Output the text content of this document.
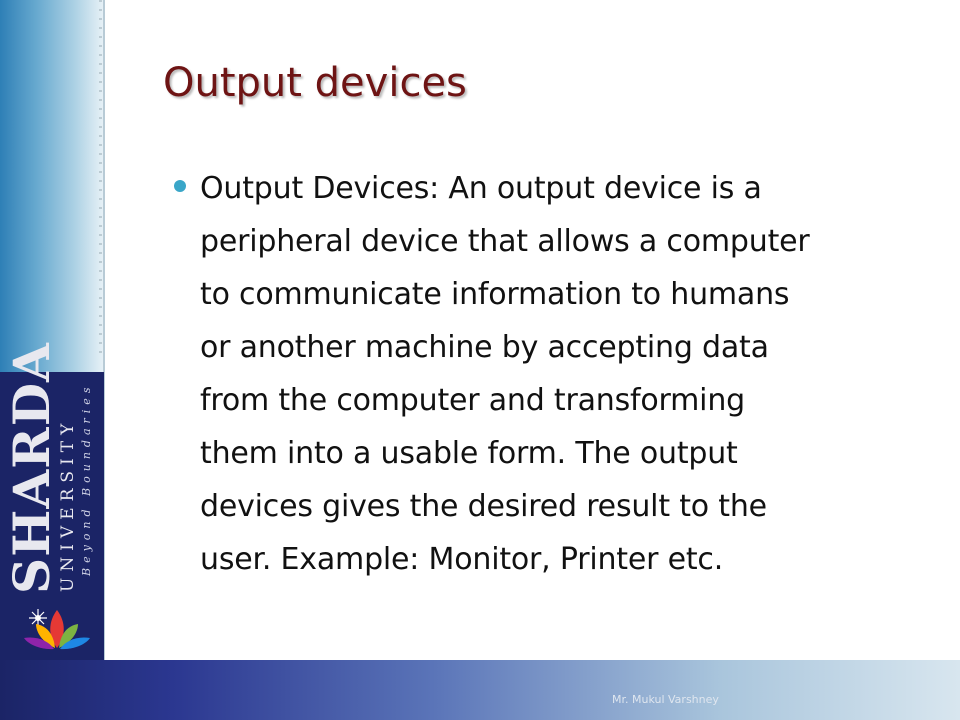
SHARDA
UNIVERSITY Beyond Boundaries
Mr. Mukul Varshney
Output devices
Output Devices: An output device is a
peripheral device that allows a computer
to communicate information to humans
or another machine by accepting data
from the computer and transforming
them into a usable form. The output
devices gives the desired result to the
user. Example: Monitor, Printer etc.
